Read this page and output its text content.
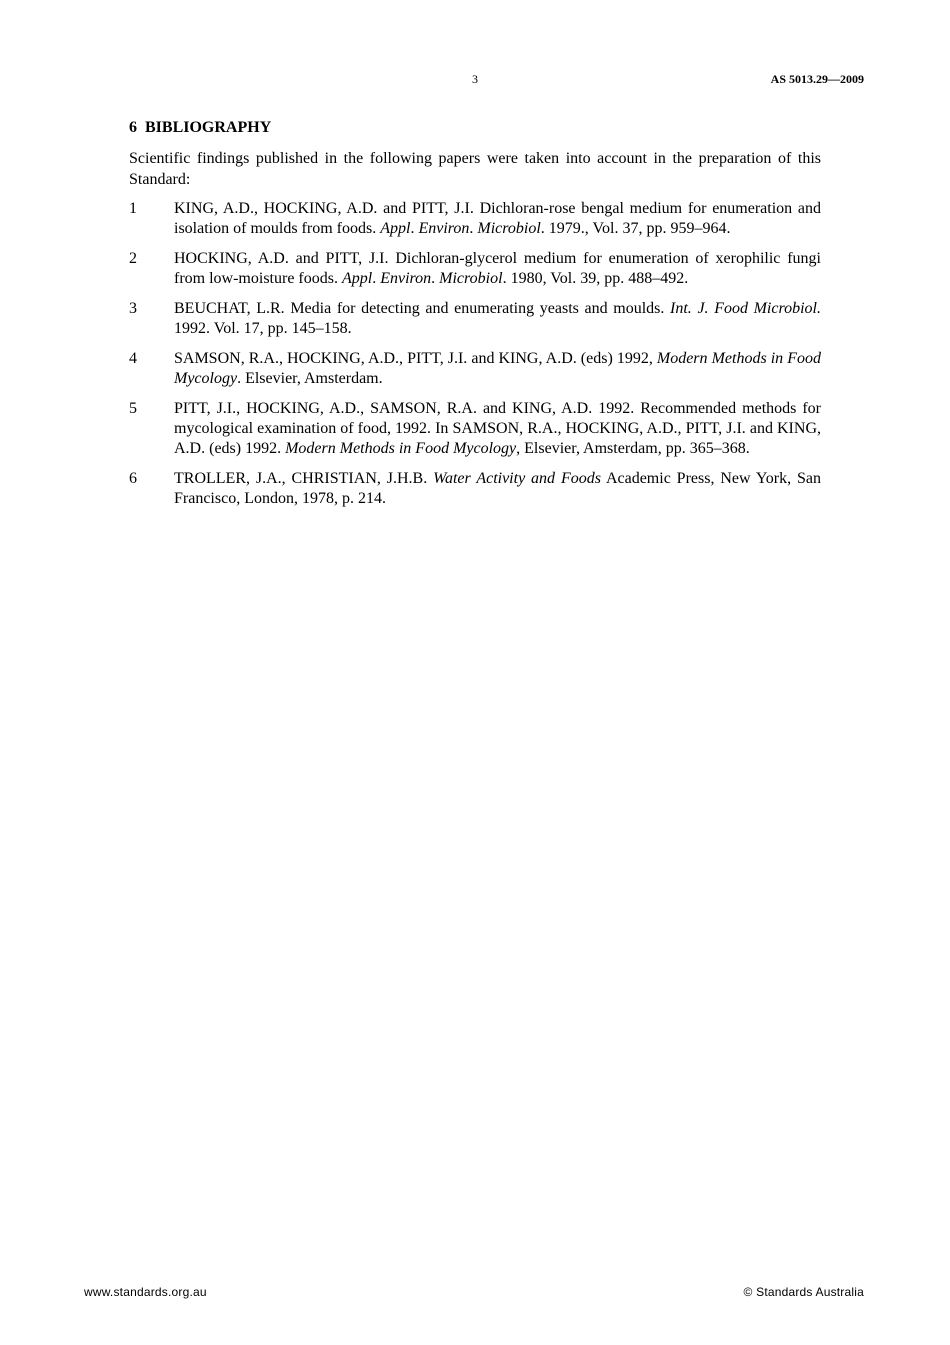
3	AS 5013.29—2009
6 BIBLIOGRAPHY

Scientific findings published in the following papers were taken into account in the preparation of this Standard:

1	KING, A.D., HOCKING, A.D. and PITT, J.I. Dichloran-rose bengal medium for enumeration and isolation of moulds from foods. Appl. Environ. Microbiol. 1979., Vol. 37, pp. 959–964.
2	HOCKING, A.D. and PITT, J.I. Dichloran-glycerol medium for enumeration of xerophilic fungi from low-moisture foods. Appl. Environ. Microbiol. 1980, Vol. 39, pp. 488–492.
3	BEUCHAT, L.R. Media for detecting and enumerating yeasts and moulds. Int. J. Food Microbiol. 1992. Vol. 17, pp. 145–158.
4	SAMSON, R.A., HOCKING, A.D., PITT, J.I. and KING, A.D. (eds) 1992, Modern Methods in Food Mycology. Elsevier, Amsterdam.
5	PITT, J.I., HOCKING, A.D., SAMSON, R.A. and KING, A.D. 1992. Recommended methods for mycological examination of food, 1992. In SAMSON, R.A., HOCKING, A.D., PITT, J.I. and KING, A.D. (eds) 1992. Modern Methods in Food Mycology, Elsevier, Amsterdam, pp. 365–368.
6	TROLLER, J.A., CHRISTIAN, J.H.B. Water Activity and Foods Academic Press, New York, San Francisco, London, 1978, p. 214.
www.standards.org.au	© Standards Australia
